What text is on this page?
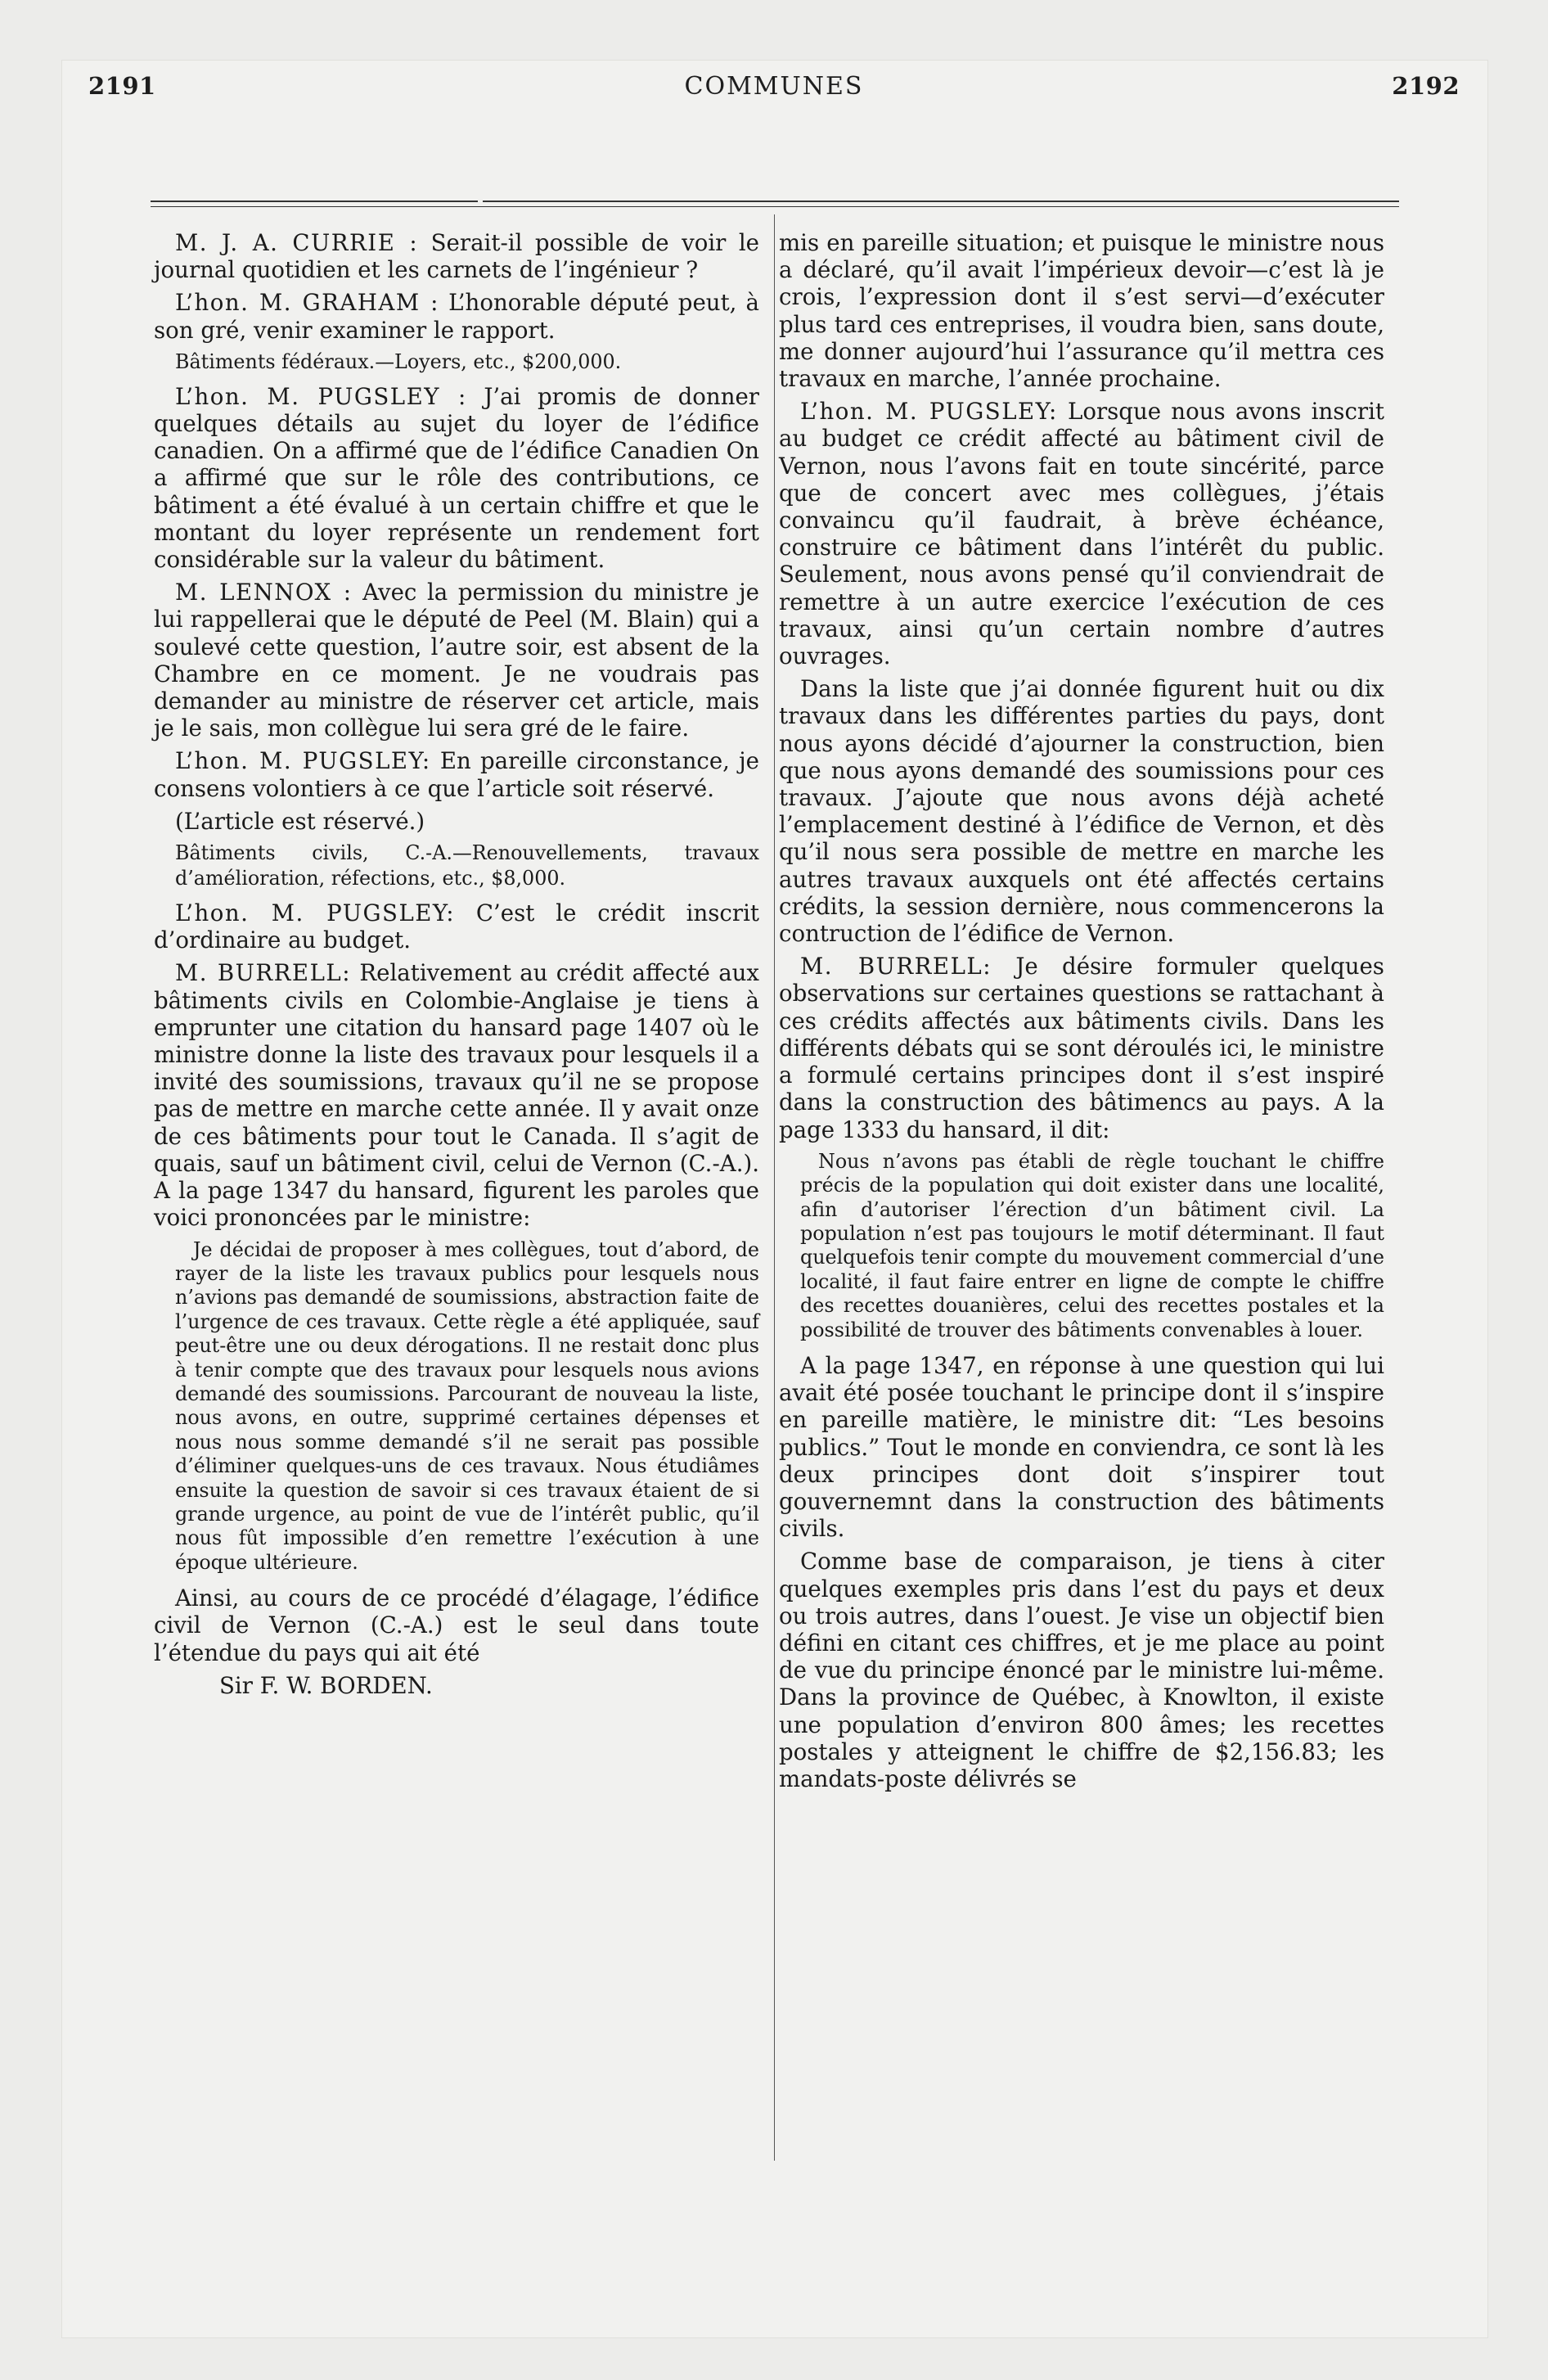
2191	COMMUNES	2192

M. J. A. CURRIE : Serait-il possible de voir le journal quotidien et les carnets de l’ingénieur ?

L’hon. M. GRAHAM : L’honorable député peut, à son gré, venir examiner le rapport.

Bâtiments fédéraux.—Loyers, etc., $200,000.

L’hon. M. PUGSLEY : J’ai promis de donner quelques détails au sujet du loyer de l’édifice canadien. On a affirmé que de l’édifice Canadien On a affirmé que sur le rôle des contributions, ce bâtiment a été évalué à un certain chiffre et que le montant du loyer représente un rendement fort considérable sur la valeur du bâtiment.

M. LENNOX : Avec la permission du ministre je lui rappellerai que le député de Peel (M. Blain) qui a soulevé cette question, l’autre soir, est absent de la Chambre en ce moment. Je ne voudrais pas demander au ministre de réserver cet article, mais je le sais, mon collègue lui sera gré de le faire.

L’hon. M. PUGSLEY: En pareille circonstance, je consens volontiers à ce que l’article soit réservé.

(L’article est réservé.)

Bâtiments civils, C.-A.—Renouvellements, travaux d’amélioration, réfections, etc., $8,000.

L’hon. M. PUGSLEY: C’est le crédit inscrit d’ordinaire au budget.

M. BURRELL: Relativement au crédit affecté aux bâtiments civils en Colombie-Anglaise je tiens à emprunter une citation du hansard page 1407 où le ministre donne la liste des travaux pour lesquels il a invité des soumissions, travaux qu’il ne se propose pas de mettre en marche cette année. Il y avait onze de ces bâtiments pour tout le Canada. Il s’agit de quais, sauf un bâtiment civil, celui de Vernon (C.-A.). A la page 1347 du hansard, figurent les paroles que voici prononcées par le ministre:

Je décidai de proposer à mes collègues, tout d’abord, de rayer de la liste les travaux publics pour lesquels nous n’avions pas demandé de soumissions, abstraction faite de l’urgence de ces travaux. Cette règle a été appliquée, sauf peut-être une ou deux dérogations. Il ne restait donc plus à tenir compte que des travaux pour lesquels nous avions demandé des soumissions. Parcourant de nouveau la liste, nous avons, en outre, supprimé certaines dépenses et nous nous somme demandé s’il ne serait pas possible d’éliminer quelques-uns de ces travaux. Nous étudiâmes ensuite la question de savoir si ces travaux étaient de si grande urgence, au point de vue de l’intérêt public, qu’il nous fût impossible d’en remettre l’exécution à une époque ultérieure.

Ainsi, au cours de ce procédé d’élagage, l’édifice civil de Vernon (C.-A.) est le seul dans toute l’étendue du pays qui ait été

Sir F. W. BORDEN.

mis en pareille situation; et puisque le ministre nous a déclaré, qu’il avait l’impérieux devoir—c’est là je crois, l’expression dont il s’est servi—d’exécuter plus tard ces entreprises, il voudra bien, sans doute, me donner aujourd’hui l’assurance qu’il mettra ces travaux en marche, l’année prochaine.

L’hon. M. PUGSLEY: Lorsque nous avons inscrit au budget ce crédit affecté au bâtiment civil de Vernon, nous l’avons fait en toute sincérité, parce que de concert avec mes collègues, j’étais convaincu qu’il faudrait, à brève échéance, construire ce bâtiment dans l’intérêt du public. Seulement, nous avons pensé qu’il conviendrait de remettre à un autre exercice l’exécution de ces travaux, ainsi qu’un certain nombre d’autres ouvrages.

Dans la liste que j’ai donnée figurent huit ou dix travaux dans les différentes parties du pays, dont nous ayons décidé d’ajourner la construction, bien que nous ayons demandé des soumissions pour ces travaux. J’ajoute que nous avons déjà acheté l’emplacement destiné à l’édifice de Vernon, et dès qu’il nous sera possible de mettre en marche les autres travaux auxquels ont été affectés certains crédits, la session dernière, nous commencerons la contruction de l’édifice de Vernon.

M. BURRELL: Je désire formuler quelques observations sur certaines questions se rattachant à ces crédits affectés aux bâtiments civils. Dans les différents débats qui se sont déroulés ici, le ministre a formulé certains principes dont il s’est inspiré dans la construction des bâtimencs au pays. A la page 1333 du hansard, il dit:

Nous n’avons pas établi de règle touchant le chiffre précis de la population qui doit exister dans une localité, afin d’autoriser l’érection d’un bâtiment civil. La population n’est pas toujours le motif déterminant. Il faut quelquefois tenir compte du mouvement commercial d’une localité, il faut faire entrer en ligne de compte le chiffre des recettes douanières, celui des recettes postales et la possibilité de trouver des bâtiments convenables à louer.

A la page 1347, en réponse à une question qui lui avait été posée touchant le principe dont il s’inspire en pareille matière, le ministre dit: “Les besoins publics.” Tout le monde en conviendra, ce sont là les deux principes dont doit s’inspirer tout gouvernemnt dans la construction des bâtiments civils.

Comme base de comparaison, je tiens à citer quelques exemples pris dans l’est du pays et deux ou trois autres, dans l’ouest. Je vise un objectif bien défini en citant ces chiffres, et je me place au point de vue du principe énoncé par le ministre lui-même. Dans la province de Québec, à Knowlton, il existe une population d’environ 800 âmes; les recettes postales y atteignent le chiffre de $2,156.83; les mandats-poste délivrés se
